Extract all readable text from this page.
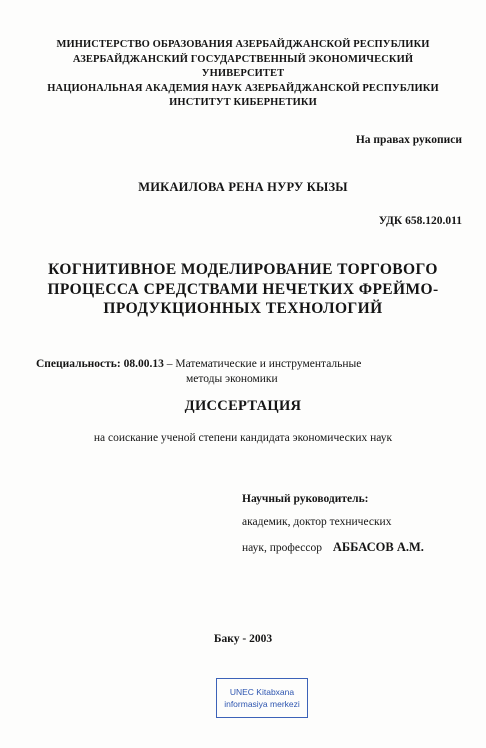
МИНИСТЕРСТВО ОБРАЗОВАНИЯ АЗЕРБАЙДЖАНСКОЙ РЕСПУБЛИКИ
АЗЕРБАЙДЖАНСКИЙ ГОСУДАРСТВЕННЫЙ ЭКОНОМИЧЕСКИЙ
УНИВЕРСИТЕТ
НАЦИОНАЛЬНАЯ АКАДЕМИЯ НАУК АЗЕРБАЙДЖАНСКОЙ РЕСПУБЛИКИ
ИНСТИТУТ КИБЕРНЕТИКИ
На правах рукописи
МИКАИЛОВА РЕНА НУРУ КЫЗЫ
УДК 658.120.011
КОГНИТИВНОЕ МОДЕЛИРОВАНИЕ ТОРГОВОГО
ПРОЦЕССА СРЕДСТВАМИ НЕЧЕТКИХ ФРЕЙМО-
ПРОДУКЦИОННЫХ ТЕХНОЛОГИЙ
Специальность: 08.00.13 – Математические и инструментальные
методы экономики
ДИССЕРТАЦИЯ
на соискание ученой степени кандидата экономических наук
Научный руководитель:
академик, доктор технических
наук, профессор АББАСОВ А.М.
Баку - 2003
UNEC Kitabxana
informasiya merkezi
